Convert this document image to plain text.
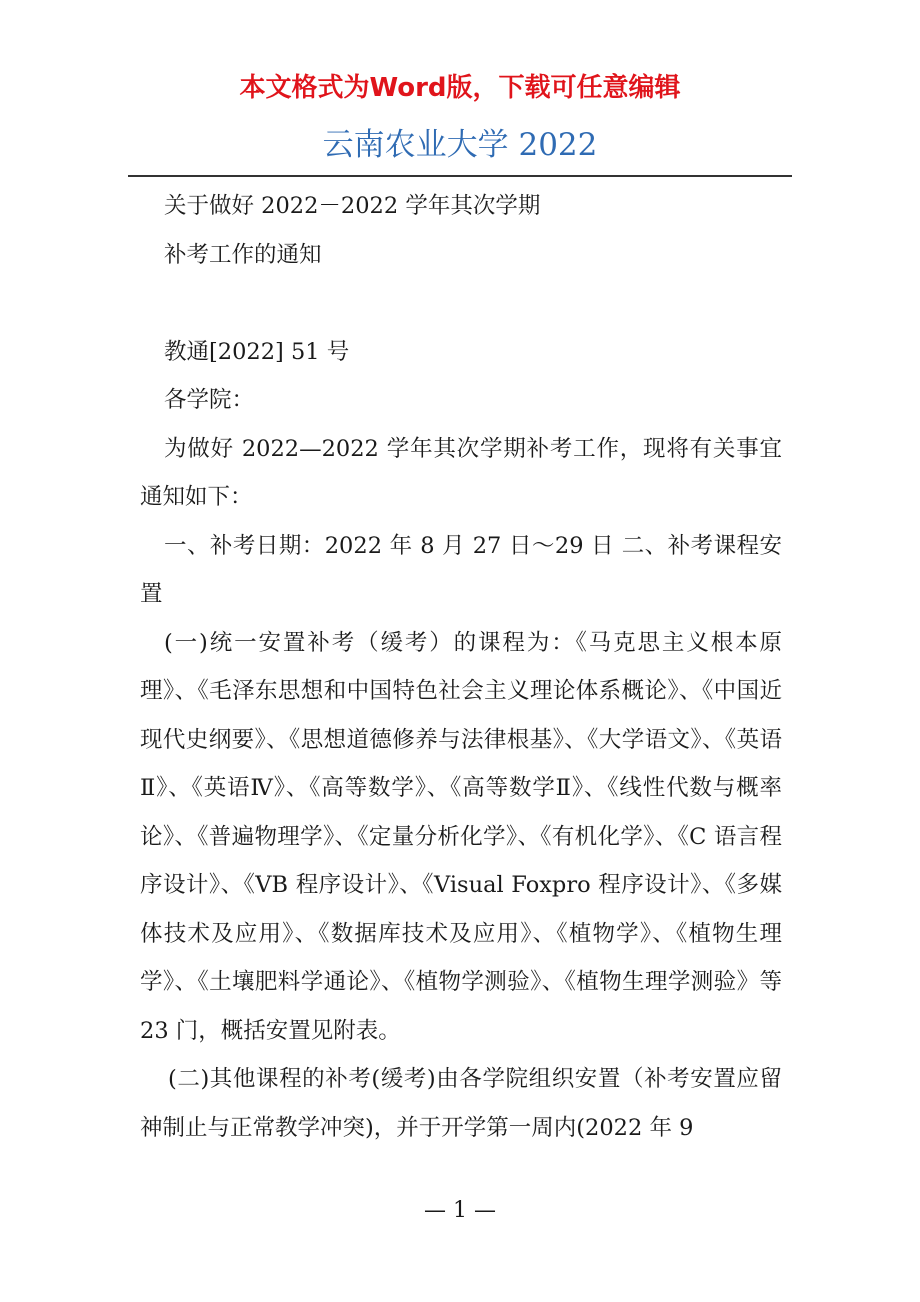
本文格式为Word版，下载可任意编辑
云南农业大学 2022

关于做好 2022－2022 学年其次学期

补考工作的通知

教通[2022] 51 号

各学院：

为做好 2022—2022 学年其次学期补考工作，现将有关事宜通知如下：

一、补考日期：2022 年 8 月 27 日～29 日 二、补考课程安置

(一)统一安置补考（缓考）的课程为：《马克思主义根本原理》、《毛泽东思想和中国特色社会主义理论体系概论》、《中国近现代史纲要》、《思想道德修养与法律根基》、《大学语文》、《英语Ⅱ》、《英语Ⅳ》、《高等数学》、《高等数学Ⅱ》、《线性代数与概率论》、《普遍物理学》、《定量分析化学》、《有机化学》、《C 语言程序设计》、《VB 程序设计》、《Visual Foxpro 程序设计》、《多媒体技术及应用》、《数据库技术及应用》、《植物学》、《植物生理学》、《土壤肥料学通论》、《植物学测验》、《植物生理学测验》等 23 门，概括安置见附表。

(二)其他课程的补考(缓考)由各学院组织安置（补考安置应留神制止与正常教学冲突)，并于开学第一周内(2022 年 9

— 1 —
